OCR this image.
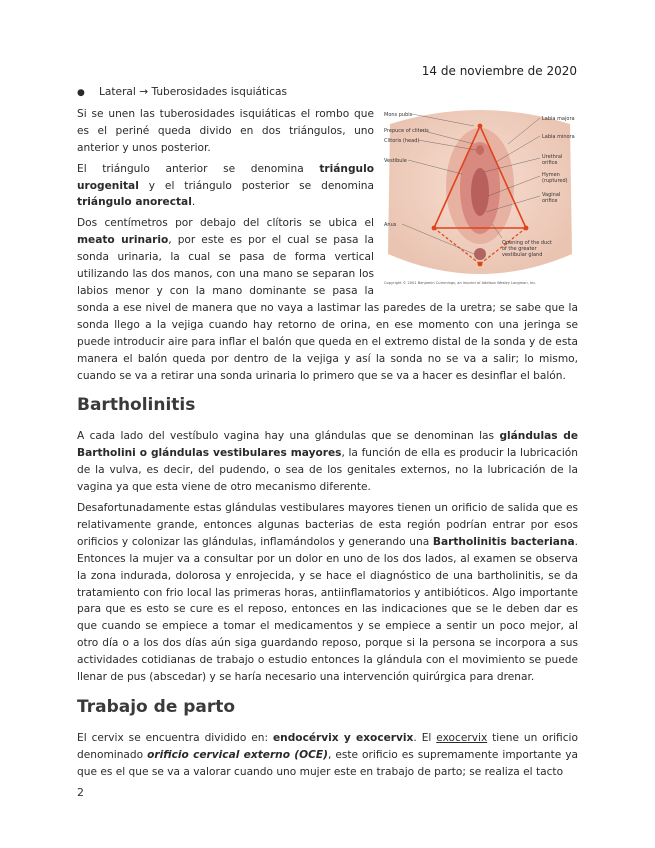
14 de noviembre de 2020
Mons pubis
Prepuce of clitoris
Clitoris (head)
Vestibule
Anus
Labia majora
Labia minora
Urethral orifice
Hymen (ruptured)
Vaginal orifice
Opening of the duct of the greater vestibular gland
Copyright © 2001 Benjamin Cummings, an imprint of Addison Wesley Longman, Inc.
●	Lateral → Tuberosidades isquiáticas

Si se unen las tuberosidades isquiáticas el rombo que es el periné queda divido en dos triángulos, uno anterior y unos posterior.

El triángulo anterior se denomina triángulo urogenital y el triángulo posterior se denomina triángulo anorectal.

Dos centímetros por debajo del clítoris se ubica el meato urinario, por este es por el cual se pasa la sonda urinaria, la cual se pasa de forma vertical utilizando las dos manos, con una mano se separan los labios menor y con la mano dominante se pasa la sonda a ese nivel de manera que no vaya a lastimar las paredes de la uretra; se sabe que la sonda llego a la vejiga cuando hay retorno de orina, en ese momento con una jeringa se puede introducir aire para inflar el balón que queda en el extremo distal de la sonda y de esta manera el balón queda por dentro de la vejiga y así la sonda no se va a salir; lo mismo, cuando se va a retirar una sonda urinaria lo primero que se va a hacer es desinflar el balón.

Bartholinitis

A cada lado del vestíbulo vagina hay una glándulas que se denominan las glándulas de Bartholini o glándulas vestibulares mayores, la función de ella es producir la lubricación de la vulva, es decir, del pudendo, o sea de los genitales externos, no la lubricación de la vagina ya que esta viene de otro mecanismo diferente.

Desafortunadamente estas glándulas vestibulares mayores tienen un orificio de salida que es relativamente grande, entonces algunas bacterias de esta región podrían entrar por esos orificios y colonizar las glándulas, inflamándolos y generando una Bartholinitis bacteriana. Entonces la mujer va a consultar por un dolor en uno de los dos lados, al examen se observa la zona indurada, dolorosa y enrojecida, y se hace el diagnóstico de una bartholinitis, se da tratamiento con frio local las primeras horas, antiinflamatorios y antibióticos. Algo importante para que es esto se cure es el reposo, entonces en las indicaciones que se le deben dar es que cuando se empiece a tomar el medicamentos y se empiece a sentir un poco mejor, al otro día o a los dos días aún siga guardando reposo, porque si la persona se incorpora a sus actividades cotidianas de trabajo o estudio entonces la glándula con el movimiento se puede llenar de pus (abscedar) y se haría necesario una intervención quirúrgica para drenar.

Trabajo de parto

El cervix se encuentra dividido en: endocérvix y exocervix. El exocervix tiene un orificio denominado orificio cervical externo (OCE), este orificio es supremamente importante ya que es el que se va a valorar cuando uno mujer este en trabajo de parto; se realiza el tacto

2
